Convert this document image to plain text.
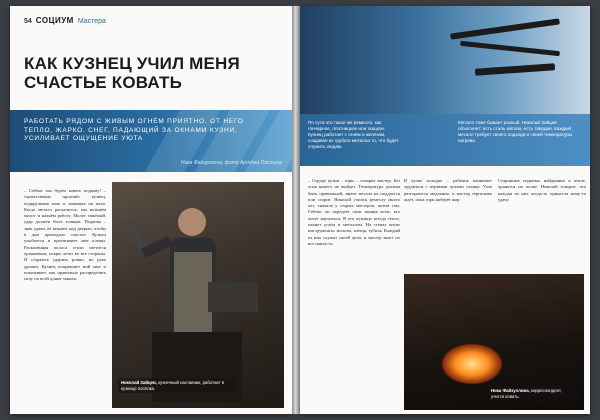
54 СОЦИУМ Мастера
КАК КУЗНЕЦ УЧИЛ МЕНЯ СЧАСТЬЕ КОВАТЬ
РАБОТАТЬ РЯДОМ С ЖИВЫМ ОГНЁМ ПРИЯТНО. ОТ НЕГО ТЕПЛО, ЖАРКО. СНЕГ, ПАДАЮЩИЙ ЗА ОКНАМИ КУЗНИ, УСИЛИВАЕТ ОЩУЩЕНИЕ УЮТА
Ника Файзуллина, фото Артёма Пастина
– Сейчас мы будем ковать подкову! – торжественно произнёс кузнец, подкручивая печь и нажимая на меха. Когда металл раскалится, мы возьмём молот и начнём работу. Молот тяжёлый, удар должен быть точным. Подкова – знак удачи, её вешают над дверью, чтобы в дом приходило счастье. Кузнец улыбается и протягивает мне клещи. Раскалённая полоса стали светится оранжевым, искры летят во все стороны. Я стараюсь ударить ровно, но рука дрожит. Кузнец поправляет мой хват и показывает, как правильно распределять силу по всей длине замаха.
Николай Зайцев, кузнечный наставник, работает в кузнице посёлка.
По сути это такое же ремесло, как гончарное, плотницкое или ткацкое. Кузнец работает с огнём и железом, создавая из грубого металла то, что будет служить людям.
Металл тоже бывает разный. Николай Зайцев объясняет: есть сталь мягкая, есть твёрдая. Каждый металл требует своего подхода и своей температуры нагрева.
– Сердце кузни – горн, – говорит мастер. Без огня ничего не выйдет. Температура должна быть правильной, иначе металл не поддастся или сгорит. Николай учился ремеслу много лет, сначала у старых мастеров, потом сам. Сейчас он передаёт свои знания всем, кто хочет научиться. В его кузнице всегда тепло, пахнет углём и металлом. На стенах висят инструменты: молоты, клещи, зубила. Каждый из них служит своей цели, и мастер знает их все наизусть.
В кузне холодно – рабочие начинают трудиться с первыми лучами солнца. Угли разгораются медленно, и мастер терпеливо ждёт, пока горн наберёт жар.
Старинные подковы, найденные в земле, хранятся на полке. Николай говорит, что каждая из них когда-то принесла кому-то удачу.
Ника Файзуллина, корреспондент, учится ковать.
